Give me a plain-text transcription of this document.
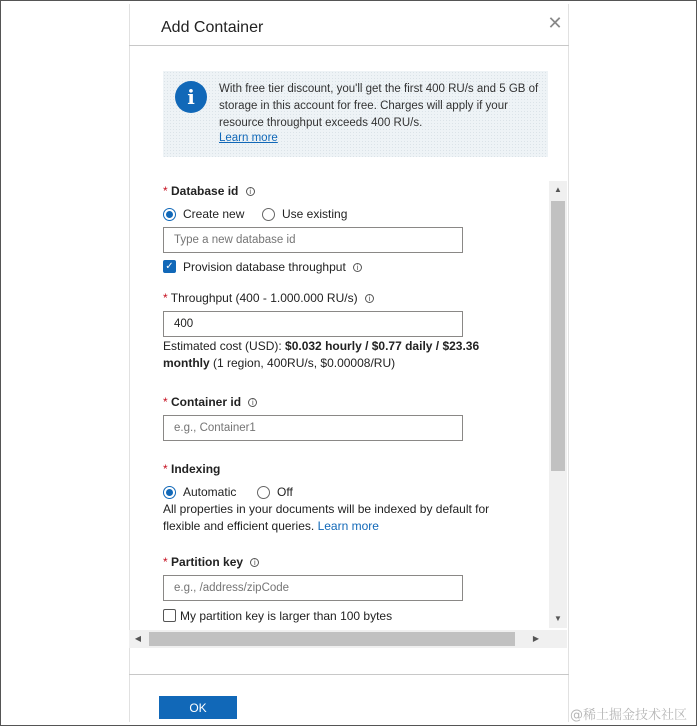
Add Container	✕
i	With free tier discount, you'll get the first 400 RU/s and 5 GB of storage in this account for free. Charges will apply if your resource throughput exceeds 400 RU/s.
Learn more
* Database id i
Create new	Use existing
Type a new database id
✓ Provision database throughput i
* Throughput (400 - 1.000.000 RU/s) i
400
Estimated cost (USD): $0.032 hourly / $0.77 daily / $23.36 monthly (1 region, 400RU/s, $0.00008/RU)
* Container id i
e.g., Container1
* Indexing
Automatic	Off
All properties in your documents will be indexed by default for flexible and efficient queries. Learn more
* Partition key i
e.g., /address/zipCode
My partition key is larger than 100 bytes
▲
▼
◀	▶
OK
@稀土掘金技术社区
